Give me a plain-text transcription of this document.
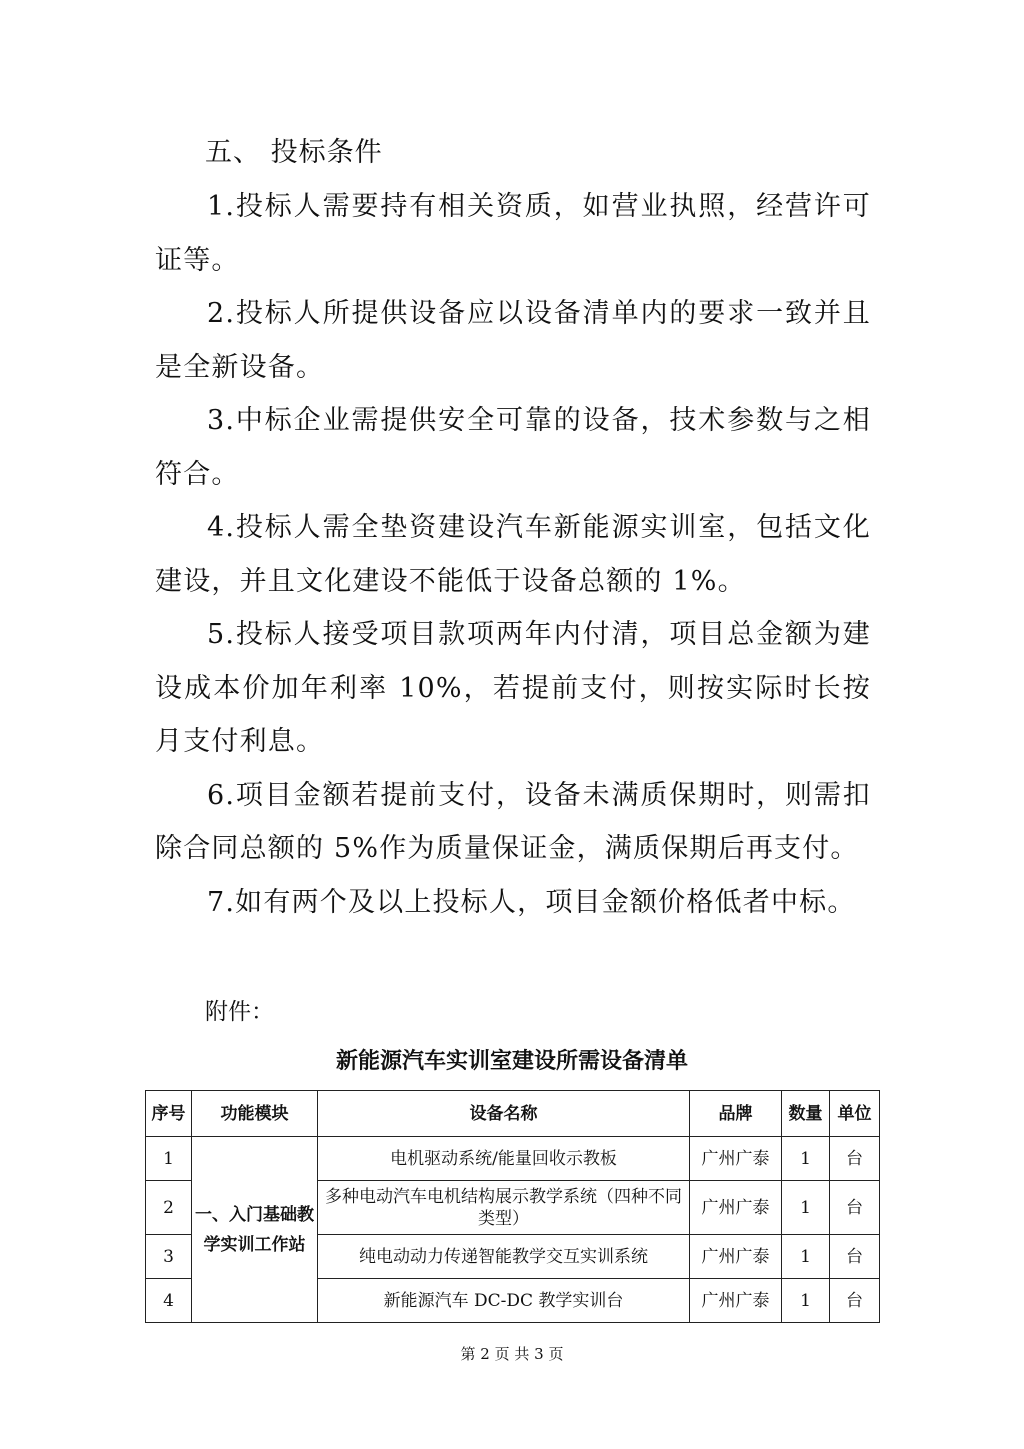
五、 投标条件
1.投标人需要持有相关资质，如营业执照，经营许可证等。
2.投标人所提供设备应以设备清单内的要求一致并且是全新设备。
3.中标企业需提供安全可靠的设备，技术参数与之相符合。
4.投标人需全垫资建设汽车新能源实训室，包括文化建设，并且文化建设不能低于设备总额的 1%。
5.投标人接受项目款项两年内付清，项目总金额为建设成本价加年利率 10%，若提前支付，则按实际时长按月支付利息。
6.项目金额若提前支付，设备未满质保期时，则需扣除合同总额的 5%作为质量保证金，满质保期后再支付。
7.如有两个及以上投标人，项目金额价格低者中标。
附件：
新能源汽车实训室建设所需设备清单
序号	功能模块	设备名称	品牌	数量	单位
1	一、入门基础教学实训工作站	电机驱动系统/能量回收示教板	广州广泰	1	台
2		多种电动汽车电机结构展示教学系统（四种不同类型）	广州广泰	1	台
3		纯电动动力传递智能教学交互实训系统	广州广泰	1	台
4		新能源汽车 DC-DC 教学实训台	广州广泰	1	台
第 2 页 共 3 页
